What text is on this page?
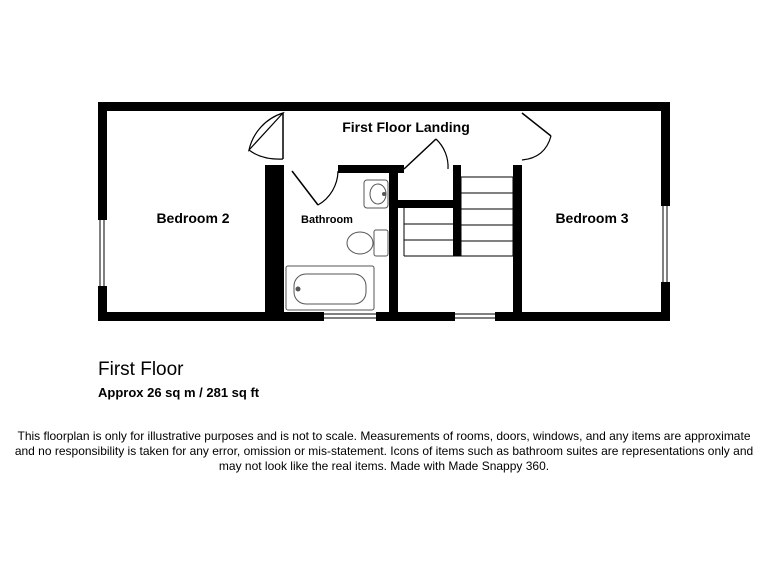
Bedroom 2	Bedroom 3
Bathroom
First Floor Landing

First Floor

Approx 26 sq m / 281 sq ft

This floorplan is only for illustrative purposes and is not to scale. Measurements of rooms, doors, windows, and any items are approximate
and no responsibility is taken for any error, omission or mis-statement. Icons of items such as bathroom suites are representations only and
may not look like the real items. Made with Made Snappy 360.
